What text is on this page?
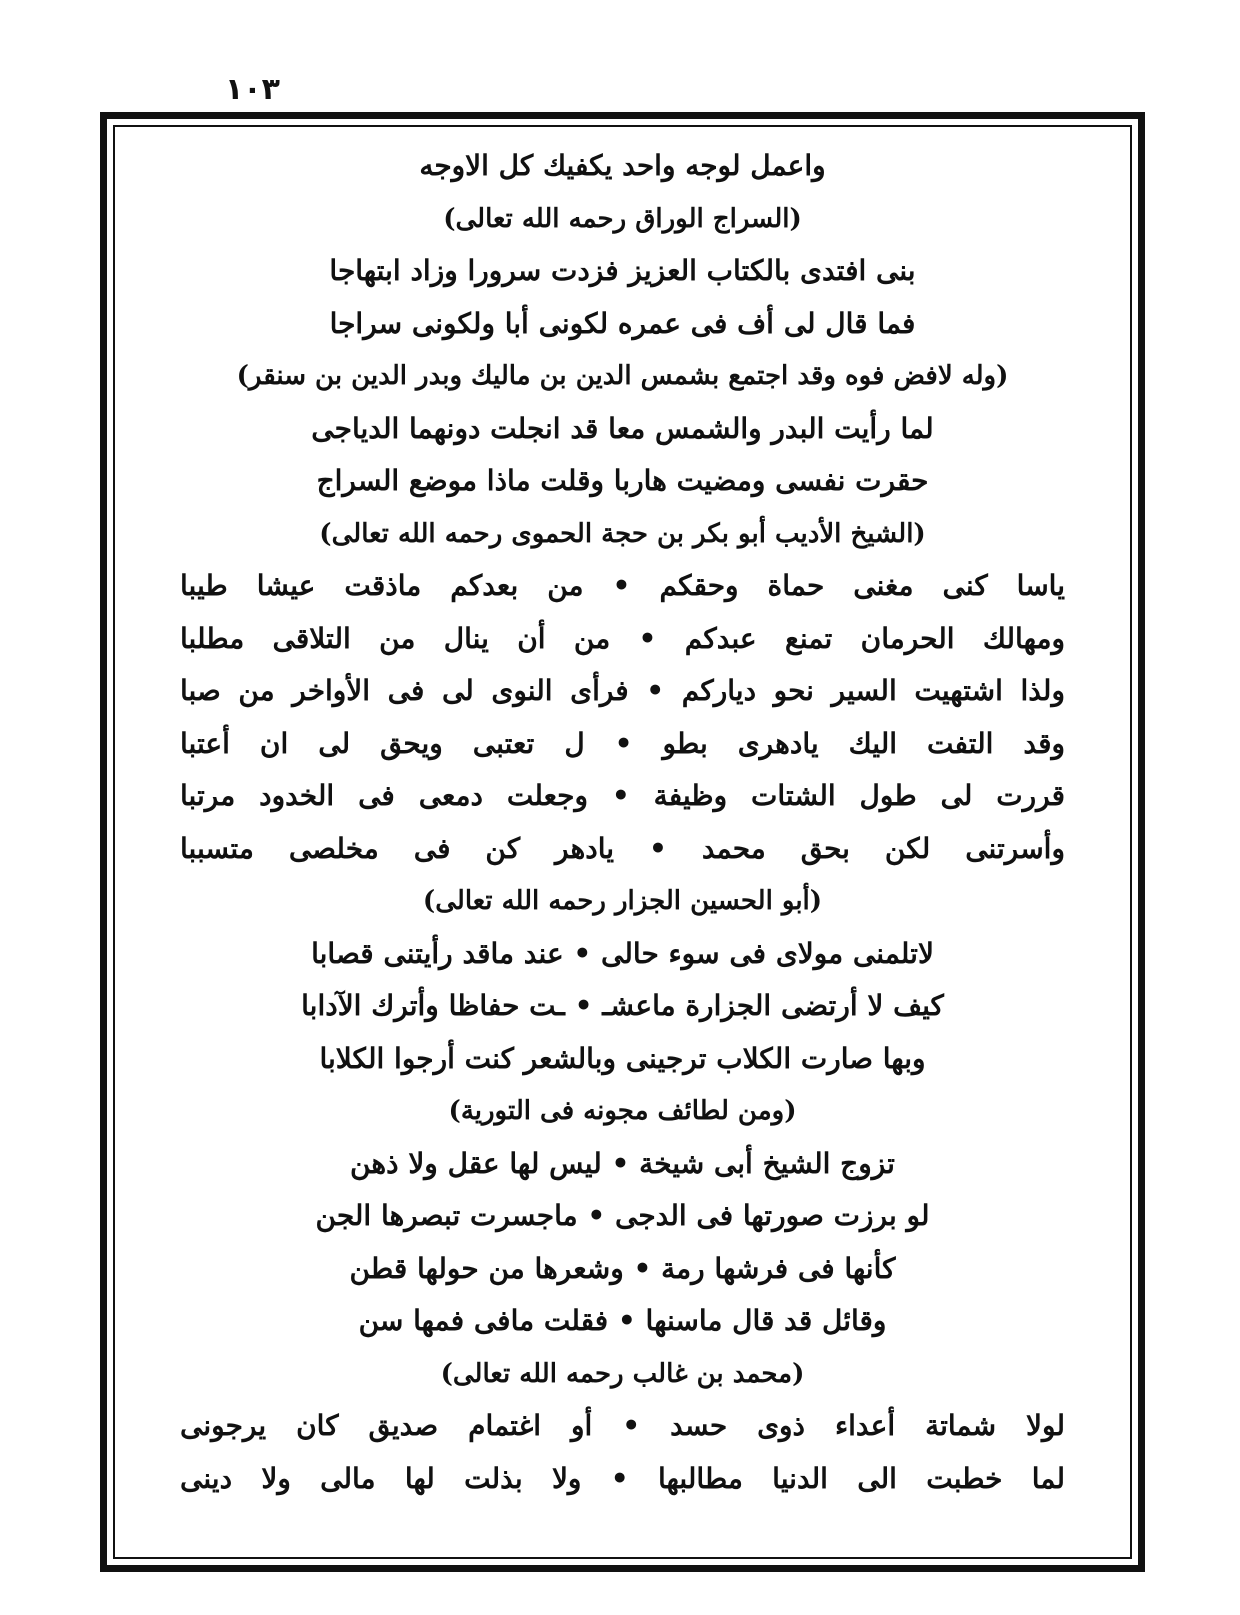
١٠٣
واعمل لوجه واحد يكفيك كل الاوجه
(السراج الوراق رحمه الله تعالى)
بنى افتدى بالكتاب العزيز فزدت سرورا وزاد ابتهاجا
فما قال لى أف فى عمره لكونى أبا ولكونى سراجا
(وله لافض فوه وقد اجتمع بشمس الدين بن ماليك وبدر الدين بن سنقر)
لما رأيت البدر والشمس معا قد انجلت دونهما الدياجى
حقرت نفسى ومضيت هاربا وقلت ماذا موضع السراج
(الشيخ الأديب أبو بكر بن حجة الحموى رحمه الله تعالى)
ياسا كنى مغنى حماة وحقكم • من بعدكم ماذقت عيشا طيبا
ومهالك الحرمان تمنع عبدكم • من أن ينال من التلاقى مطلبا
ولذا اشتهيت السير نحو دياركم • فرأى النوى لى فى الأواخر من صبا
وقد التفت اليك يادهرى بطو • ل تعتبى ويحق لى ان أعتبا
قررت لى طول الشتات وظيفة • وجعلت دمعى فى الخدود مرتبا
وأسرتنى لكن بحق محمد • يادهر كن فى مخلصى متسببا
(أبو الحسين الجزار رحمه الله تعالى)
لاتلمنى مولاى فى سوء حالى • عند ماقد رأيتنى قصابا
كيف لا أرتضى الجزارة ماعشـ • ـت حفاظا وأترك الآدابا
وبها صارت الكلاب ترجينى وبالشعر كنت أرجوا الكلابا
(ومن لطائف مجونه فى التورية)
تزوج الشيخ أبى شيخة • ليس لها عقل ولا ذهن
لو برزت صورتها فى الدجى • ماجسرت تبصرها الجن
كأنها فى فرشها رمة • وشعرها من حولها قطن
وقائل قد قال ماسنها • فقلت مافى فمها سن
(محمد بن غالب رحمه الله تعالى)
لولا شماتة أعداء ذوى حسد • أو اغتمام صديق كان يرجونى
لما خطبت الى الدنيا مطالبها • ولا بذلت لها مالى ولا دينى
